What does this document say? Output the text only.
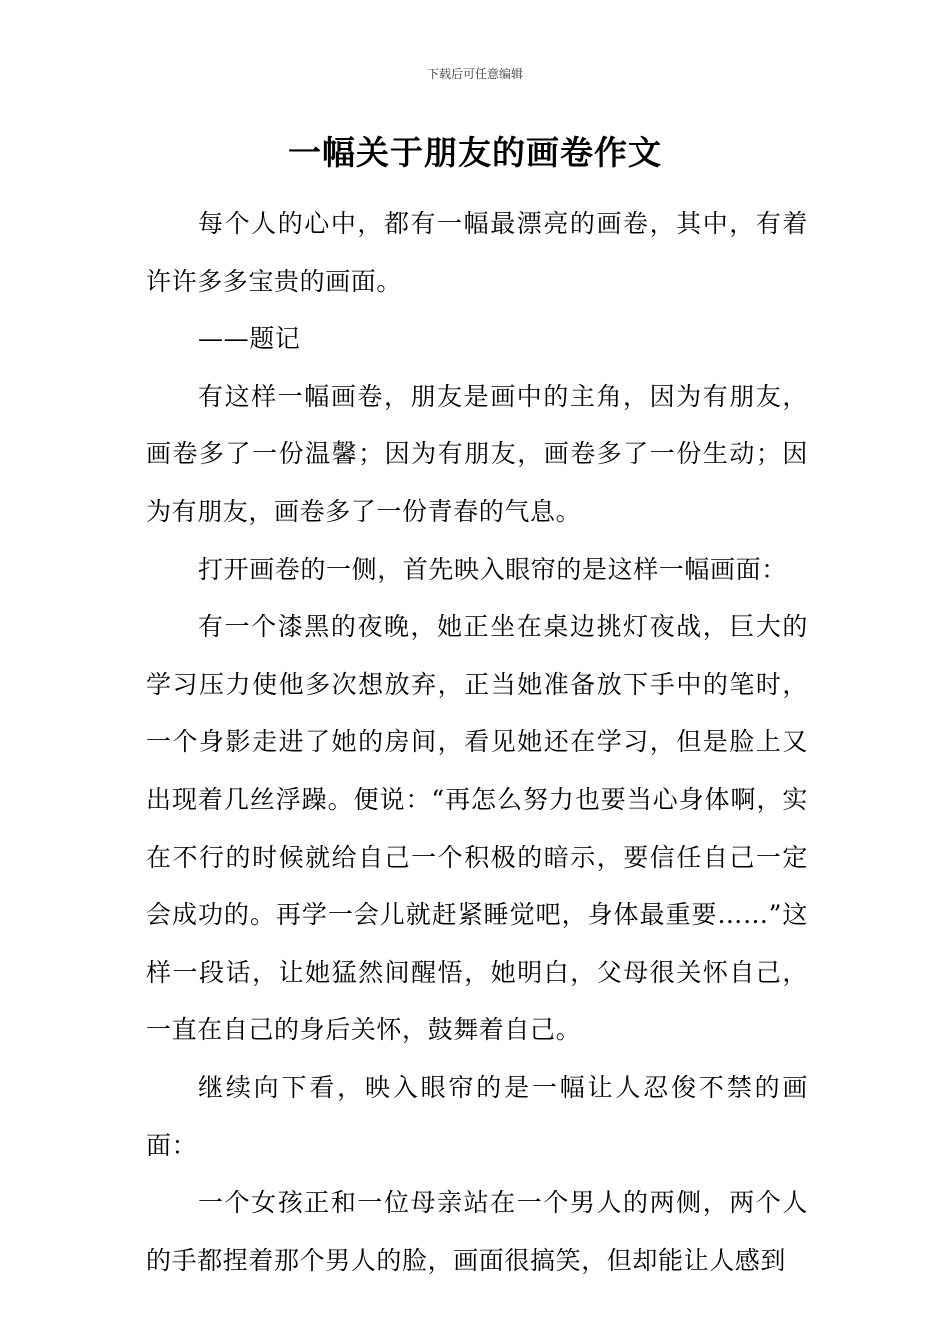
下载后可任意编辑
一幅关于朋友的画卷作文

每个人的心中，都有一幅最漂亮的画卷，其中，有着许许多多宝贵的画面。

——题记

有这样一幅画卷，朋友是画中的主角，因为有朋友，画卷多了一份温馨；因为有朋友，画卷多了一份生动；因为有朋友，画卷多了一份青春的气息。

打开画卷的一侧，首先映入眼帘的是这样一幅画面：

有一个漆黑的夜晚，她正坐在桌边挑灯夜战，巨大的学习压力使他多次想放弃，正当她准备放下手中的笔时，一个身影走进了她的房间，看见她还在学习，但是脸上又出现着几丝浮躁。便说：“再怎么努力也要当心身体啊，实在不行的时候就给自己一个积极的暗示，要信任自己一定会成功的。再学一会儿就赶紧睡觉吧，身体最重要……”这样一段话，让她猛然间醒悟，她明白，父母很关怀自己，一直在自己的身后关怀，鼓舞着自己。

继续向下看，映入眼帘的是一幅让人忍俊不禁的画面：

一个女孩正和一位母亲站在一个男人的两侧，两个人的手都捏着那个男人的脸，画面很搞笑，但却能让人感到
